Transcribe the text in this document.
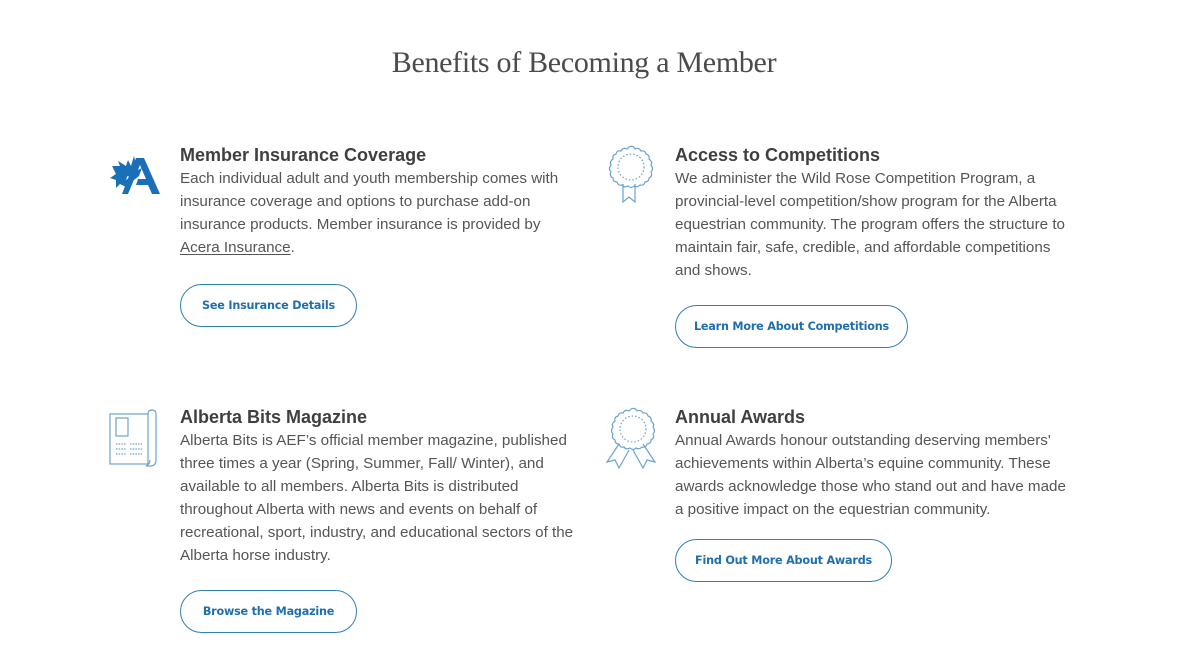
Benefits of Becoming a Member
Member Insurance Coverage

Each individual adult and youth membership comes with insurance coverage and options to purchase add-on insurance products. Member insurance is provided by Acera Insurance.

See Insurance Details
Access to Competitions

We administer the Wild Rose Competition Program, a provincial-level competition/show program for the Alberta equestrian community. The program offers the structure to maintain fair, safe, credible, and affordable competitions and shows.

Learn More About Competitions
Alberta Bits Magazine

Alberta Bits is AEF’s official member magazine, published three times a year (Spring, Summer, Fall/ Winter), and available to all members. Alberta Bits is distributed throughout Alberta with news and events on behalf of recreational, sport, industry, and educational sectors of the Alberta horse industry.

Browse the Magazine
Annual Awards

Annual Awards honour outstanding deserving members' achievements within Alberta’s equine community. These awards acknowledge those who stand out and have made a positive impact on the equestrian community.

Find Out More About Awards
